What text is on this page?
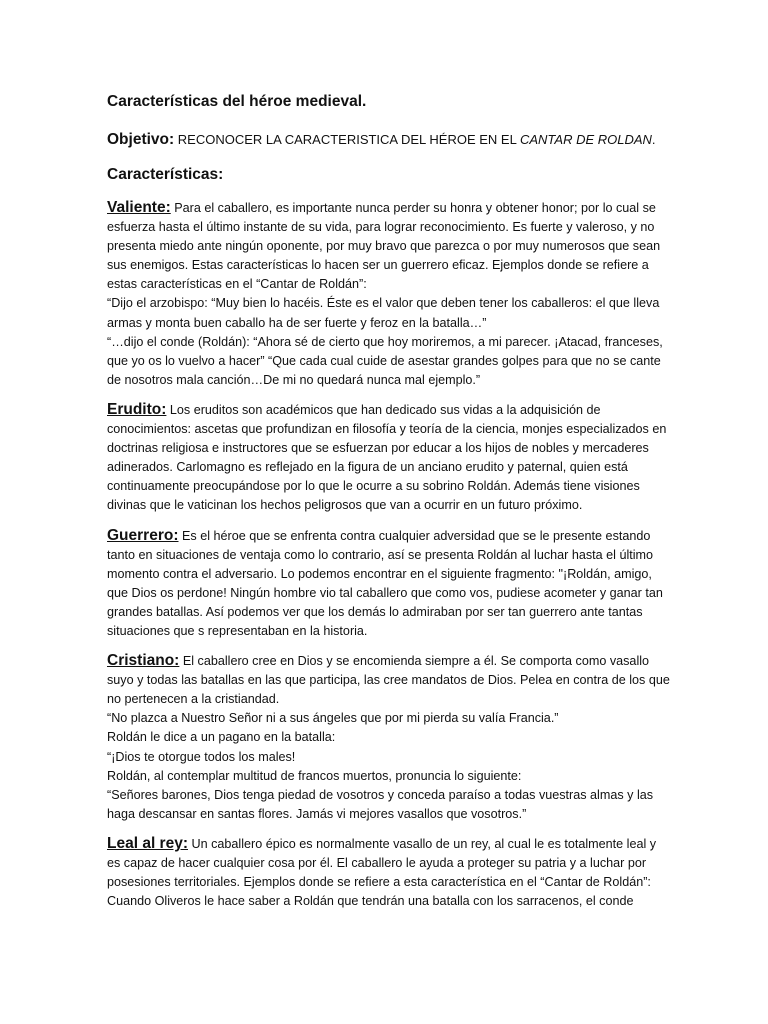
Características del héroe medieval.
Objetivo: RECONOCER LA CARACTERISTICA DEL HÉROE EN EL CANTAR DE ROLDAN.
Características:

Valiente: Para el caballero, es importante nunca perder su honra y obtener honor; por lo cual se esfuerza hasta el último instante de su vida, para lograr reconocimiento. Es fuerte y valeroso, y no presenta miedo ante ningún oponente, por muy bravo que parezca o por muy numerosos que sean sus enemigos. Estas características lo hacen ser un guerrero eficaz. Ejemplos donde se refiere a estas características en el “Cantar de Roldán”:

“Dijo el arzobispo: “Muy bien lo hacéis. Éste es el valor que deben tener los caballeros: el que lleva armas y monta buen caballo ha de ser fuerte y feroz en la batalla…”

“…dijo el conde (Roldán): “Ahora sé de cierto que hoy moriremos, a mi parecer. ¡Atacad, franceses, que yo os lo vuelvo a hacer” “Que cada cual cuide de asestar grandes golpes para que no se cante de nosotros mala canción…De mi no quedará nunca mal ejemplo.”

Erudito: Los eruditos son académicos que han dedicado sus vidas a la adquisición de conocimientos: ascetas que profundizan en filosofía y teoría de la ciencia, monjes especializados en doctrinas religiosa e instructores que se esfuerzan por educar a los hijos de nobles y mercaderes adinerados. Carlomagno es reflejado en la figura de un anciano erudito y paternal, quien está continuamente preocupándose por lo que le ocurre a su sobrino Roldán. Además tiene visiones divinas que le vaticinan los hechos peligrosos que van a ocurrir en un futuro próximo.

Guerrero: Es el héroe que se enfrenta contra cualquier adversidad que se le presente estando tanto en situaciones de ventaja como lo contrario, así se presenta Roldán al luchar hasta el último momento contra el adversario. Lo podemos encontrar en el siguiente fragmento: "¡Roldán, amigo, que Dios os perdone! Ningún hombre vio tal caballero que como vos, pudiese acometer y ganar tan grandes batallas. Así podemos ver que los demás lo admiraban por ser tan guerrero ante tantas situaciones que s representaban en la historia.

Cristiano: El caballero cree en Dios y se encomienda siempre a él. Se comporta como vasallo suyo y todas las batallas en las que participa, las cree mandatos de Dios. Pelea en contra de los que no pertenecen a la cristiandad.

“No plazca a Nuestro Señor ni a sus ángeles que por mi pierda su valía Francia.”

Roldán le dice a un pagano en la batalla:

“¡Dios te otorgue todos los males!

Roldán, al contemplar multitud de francos muertos, pronuncia lo siguiente:

“Señores barones, Dios tenga piedad de vosotros y conceda paraíso a todas vuestras almas y las haga descansar en santas flores. Jamás vi mejores vasallos que vosotros.”

Leal al rey: Un caballero épico es normalmente vasallo de un rey, al cual le es totalmente leal y es capaz de hacer cualquier cosa por él. El caballero le ayuda a proteger su patria y a luchar por posesiones territoriales. Ejemplos donde se refiere a esta característica en el “Cantar de Roldán”:

Cuando Oliveros le hace saber a Roldán que tendrán una batalla con los sarracenos, el conde
